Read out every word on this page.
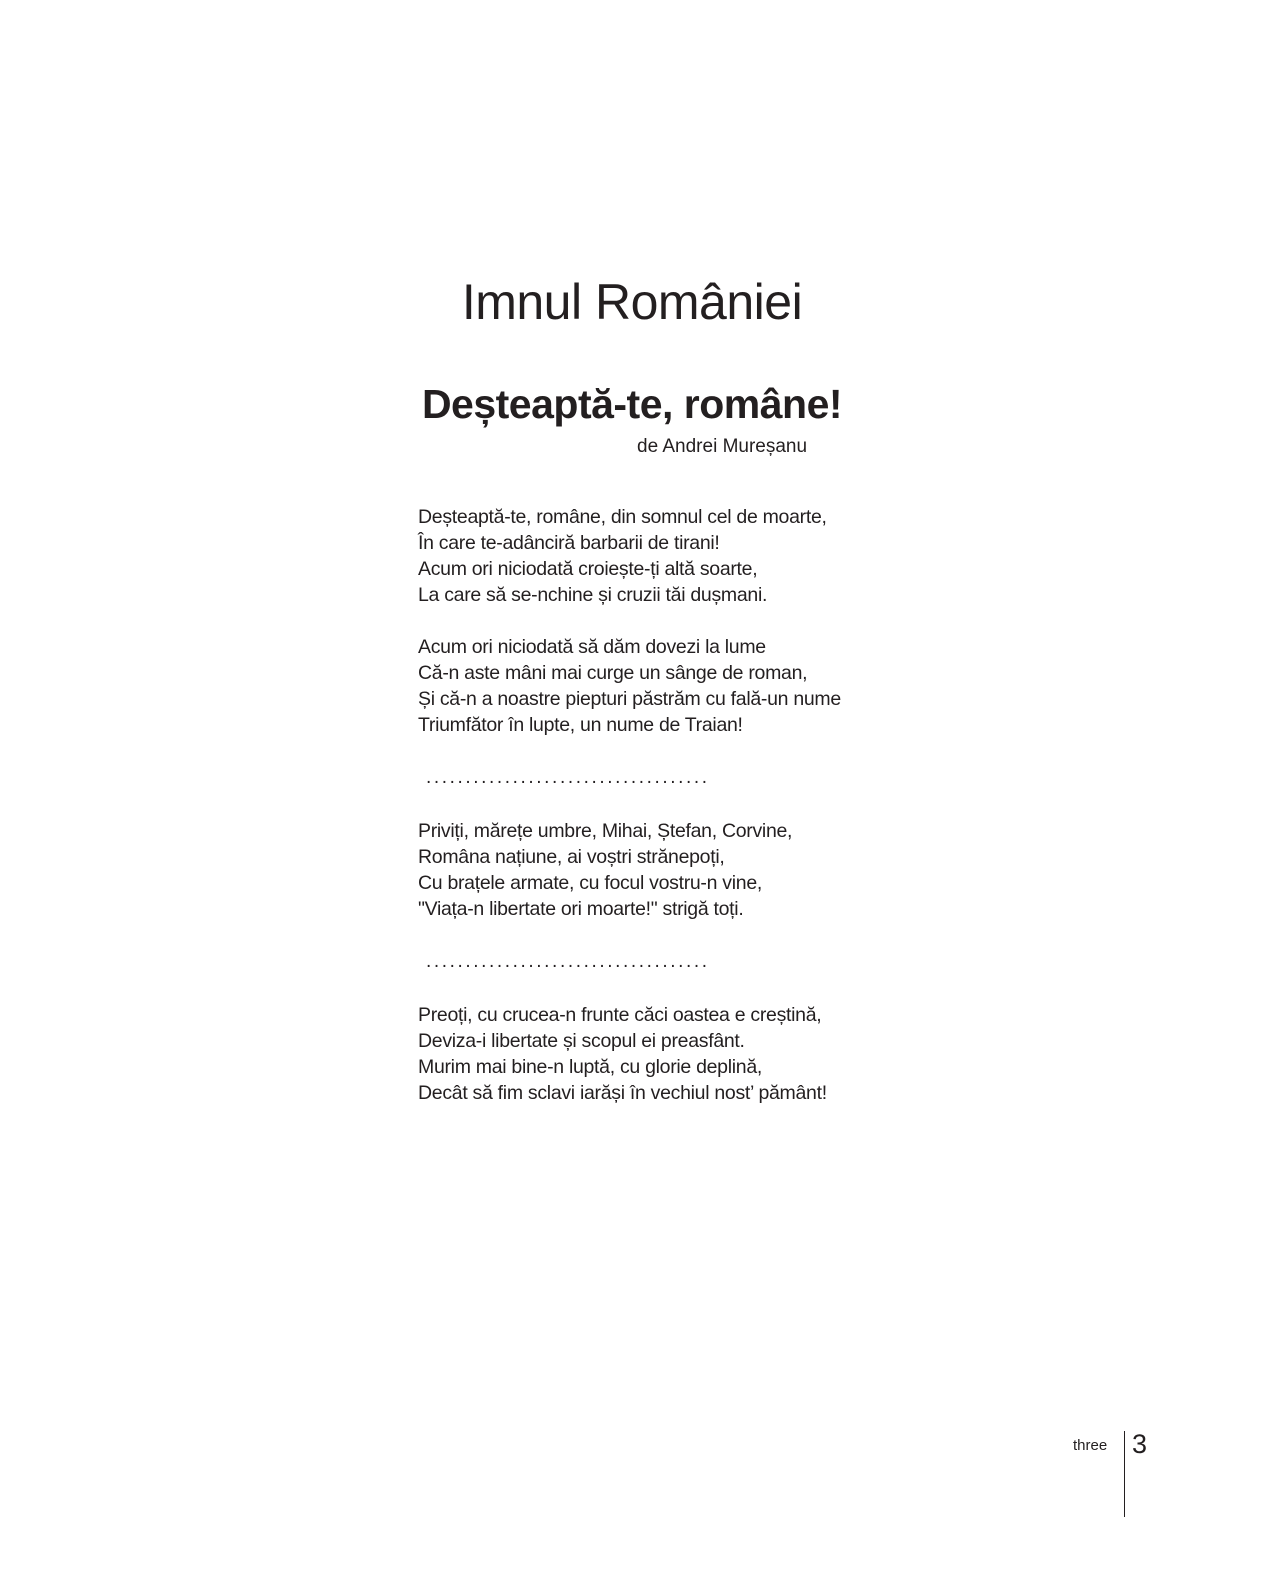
Imnul României
Deșteaptă-te, române!
de Andrei Mureșanu
Deșteaptă-te, române, din somnul cel de moarte,
În care te-adânciră barbarii de tirani!
Acum ori niciodată croiește-ți altă soarte,
La care să se-nchine și cruzii tăi dușmani.
Acum ori niciodată să dăm dovezi la lume
Că-n aste mâni mai curge un sânge de roman,
Și că-n a noastre piepturi păstrăm cu fală-un nume
Triumfător în lupte, un nume de Traian!
....................................
Priviți, mărețe umbre, Mihai, Ștefan, Corvine,
Româna națiune, ai voștri strănepoți,
Cu brațele armate, cu focul vostru-n vine,
"Viața-n libertate ori moarte!" strigă toți.
....................................
Preoți, cu crucea-n frunte căci oastea e creștină,
Deviza-i libertate și scopul ei preasfânt.
Murim mai bine-n luptă, cu glorie deplină,
Decât să fim sclavi iarăși în vechiul nost’ pământ!
three 3
